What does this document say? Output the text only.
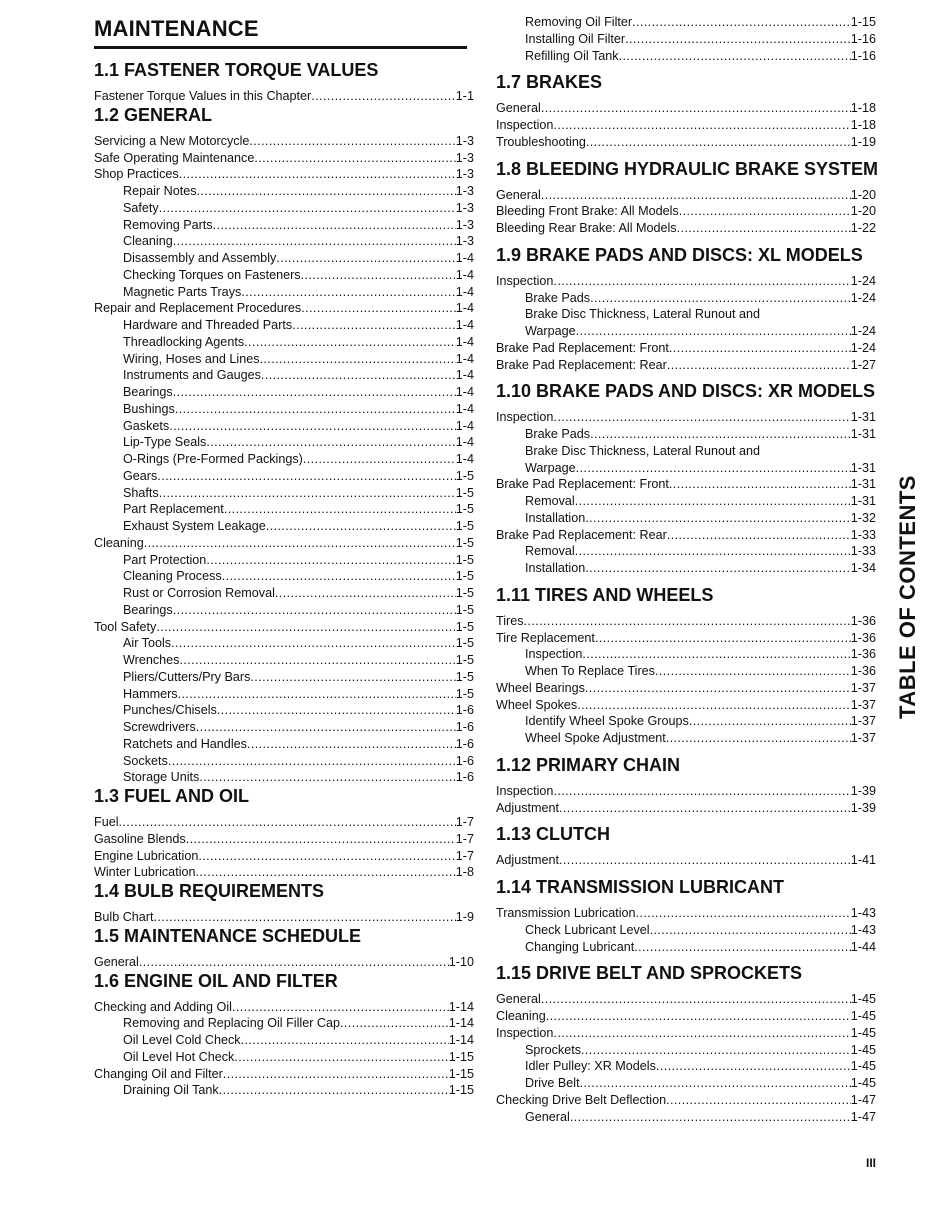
MAINTENANCE
1.1 FASTENER TORQUE VALUES
Fastener Torque Values in this Chapter .....	1-1
1.2 GENERAL
Servicing a New Motorcycle .....	1-3
Safe Operating Maintenance .....	1-3
Shop Practices .....	1-3
Repair Notes .....	1-3
Safety .....	1-3
Removing Parts .....	1-3
Cleaning .....	1-3
Disassembly and Assembly .....	1-4
Checking Torques on Fasteners .....	1-4
Magnetic Parts Trays .....	1-4
Repair and Replacement Procedures .....	1-4
Hardware and Threaded Parts .....	1-4
Threadlocking Agents .....	1-4
Wiring, Hoses and Lines .....	1-4
Instruments and Gauges .....	1-4
Bearings .....	1-4
Bushings .....	1-4
Gaskets .....	1-4
Lip-Type Seals .....	1-4
O-Rings (Pre-Formed Packings) .....	1-4
Gears .....	1-5
Shafts .....	1-5
Part Replacement .....	1-5
Exhaust System Leakage .....	1-5
Cleaning .....	1-5
Part Protection .....	1-5
Cleaning Process .....	1-5
Rust or Corrosion Removal .....	1-5
Bearings .....	1-5
Tool Safety .....	1-5
Air Tools .....	1-5
Wrenches .....	1-5
Pliers/Cutters/Pry Bars .....	1-5
Hammers .....	1-5
Punches/Chisels .....	1-6
Screwdrivers .....	1-6
Ratchets and Handles .....	1-6
Sockets .....	1-6
Storage Units .....	1-6
1.3 FUEL AND OIL
Fuel .....	1-7
Gasoline Blends .....	1-7
Engine Lubrication .....	1-7
Winter Lubrication .....	1-8
1.4 BULB REQUIREMENTS
Bulb Chart .....	1-9
1.5 MAINTENANCE SCHEDULE
General .....	1-10
1.6 ENGINE OIL AND FILTER
Checking and Adding Oil .....	1-14
Removing and Replacing Oil Filler Cap .....	1-14
Oil Level Cold Check .....	1-14
Oil Level Hot Check .....	1-15
Changing Oil and Filter .....	1-15
Draining Oil Tank .....	1-15
Removing Oil Filter .....	1-15
Installing Oil Filter .....	1-16
Refilling Oil Tank .....	1-16
1.7 BRAKES
General .....	1-18
Inspection .....	1-18
Troubleshooting .....	1-19
1.8 BLEEDING HYDRAULIC BRAKE SYSTEM
General .....	1-20
Bleeding Front Brake: All Models .....	1-20
Bleeding Rear Brake: All Models .....	1-22
1.9 BRAKE PADS AND DISCS: XL MODELS
Inspection .....	1-24
Brake Pads .....	1-24
Brake Disc Thickness, Lateral Runout and
Warpage .....	1-24
Brake Pad Replacement: Front .....	1-24
Brake Pad Replacement: Rear .....	1-27
1.10 BRAKE PADS AND DISCS: XR MODELS
Inspection .....	1-31
Brake Pads .....	1-31
Brake Disc Thickness, Lateral Runout and
Warpage .....	1-31
Brake Pad Replacement: Front .....	1-31
Removal .....	1-31
Installation .....	1-32
Brake Pad Replacement: Rear .....	1-33
Removal .....	1-33
Installation .....	1-34
1.11 TIRES AND WHEELS
Tires .....	1-36
Tire Replacement .....	1-36
Inspection .....	1-36
When To Replace Tires .....	1-36
Wheel Bearings .....	1-37
Wheel Spokes .....	1-37
Identify Wheel Spoke Groups .....	1-37
Wheel Spoke Adjustment .....	1-37
1.12 PRIMARY CHAIN
Inspection .....	1-39
Adjustment .....	1-39
1.13 CLUTCH
Adjustment .....	1-41
1.14 TRANSMISSION LUBRICANT
Transmission Lubrication .....	1-43
Check Lubricant Level .....	1-43
Changing Lubricant .....	1-44
1.15 DRIVE BELT AND SPROCKETS
General .....	1-45
Cleaning .....	1-45
Inspection .....	1-45
Sprockets .....	1-45
Idler Pulley: XR Models .....	1-45
Drive Belt .....	1-45
Checking Drive Belt Deflection .....	1-47
General .....	1-47
TABLE OF CONTENTS
III
